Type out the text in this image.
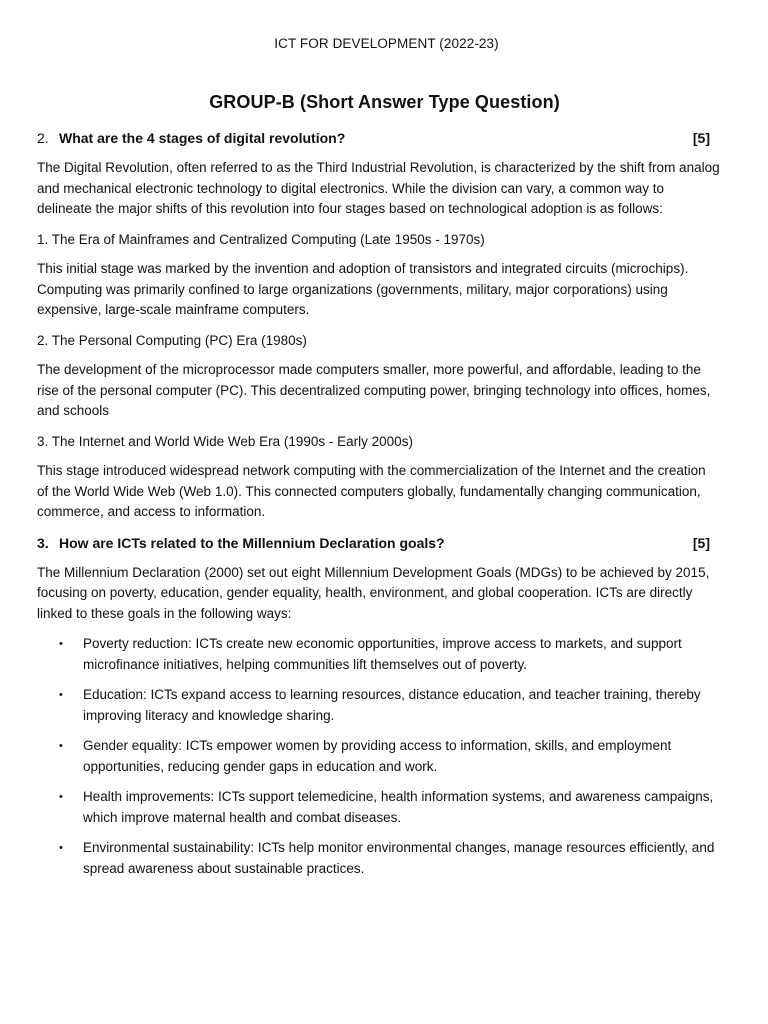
ICT FOR DEVELOPMENT (2022-23)
GROUP-B (Short Answer Type Question)
2. What are the 4 stages of digital revolution?	[5]

The Digital Revolution, often referred to as the Third Industrial Revolution, is characterized by the shift from analog and mechanical electronic technology to digital electronics. While the division can vary, a common way to delineate the major shifts of this revolution into four stages based on technological adoption is as follows:

1. The Era of Mainframes and Centralized Computing (Late 1950s - 1970s)

This initial stage was marked by the invention and adoption of transistors and integrated circuits (microchips). Computing was primarily confined to large organizations (governments, military, major corporations) using expensive, large-scale mainframe computers.

2. The Personal Computing (PC) Era (1980s)

The development of the microprocessor made computers smaller, more powerful, and affordable, leading to the rise of the personal computer (PC). This decentralized computing power, bringing technology into offices, homes, and schools

3. The Internet and World Wide Web Era (1990s - Early 2000s)

This stage introduced widespread network computing with the commercialization of the Internet and the creation of the World Wide Web (Web 1.0). This connected computers globally, fundamentally changing communication, commerce, and access to information.

3. How are ICTs related to the Millennium Declaration goals?	[5]

The Millennium Declaration (2000) set out eight Millennium Development Goals (MDGs) to be achieved by 2015, focusing on poverty, education, gender equality, health, environment, and global cooperation. ICTs are directly linked to these goals in the following ways:

• Poverty reduction: ICTs create new economic opportunities, improve access to markets, and support microfinance initiatives, helping communities lift themselves out of poverty.
• Education: ICTs expand access to learning resources, distance education, and teacher training, thereby improving literacy and knowledge sharing.
• Gender equality: ICTs empower women by providing access to information, skills, and employment opportunities, reducing gender gaps in education and work.
• Health improvements: ICTs support telemedicine, health information systems, and awareness campaigns, which improve maternal health and combat diseases.
• Environmental sustainability: ICTs help monitor environmental changes, manage resources efficiently, and spread awareness about sustainable practices.
